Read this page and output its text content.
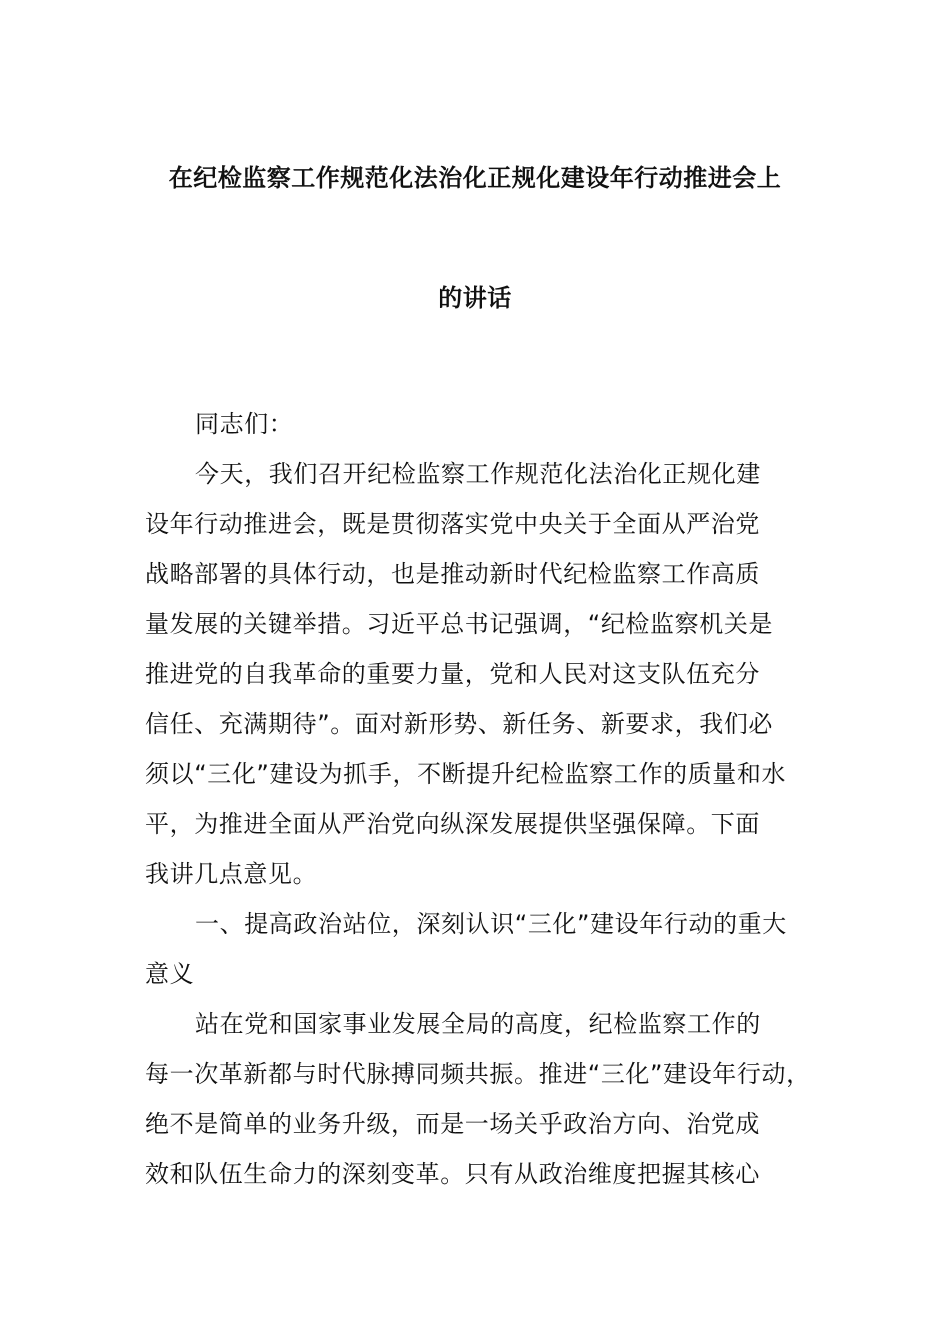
在纪检监察工作规范化法治化正规化建设年行动推进会上
的讲话
同志们：
今天，我们召开纪检监察工作规范化法治化正规化建
设年行动推进会，既是贯彻落实党中央关于全面从严治党
战略部署的具体行动，也是推动新时代纪检监察工作高质
量发展的关键举措。习近平总书记强调，“纪检监察机关是
推进党的自我革命的重要力量，党和人民对这支队伍充分
信任、充满期待”。面对新形势、新任务、新要求，我们必
须以“三化”建设为抓手，不断提升纪检监察工作的质量和水
平，为推进全面从严治党向纵深发展提供坚强保障。下面
我讲几点意见。
一、提高政治站位，深刻认识“三化”建设年行动的重大
意义
站在党和国家事业发展全局的高度，纪检监察工作的
每一次革新都与时代脉搏同频共振。推进“三化”建设年行动，
绝不是简单的业务升级，而是一场关乎政治方向、治党成
效和队伍生命力的深刻变革。只有从政治维度把握其核心
